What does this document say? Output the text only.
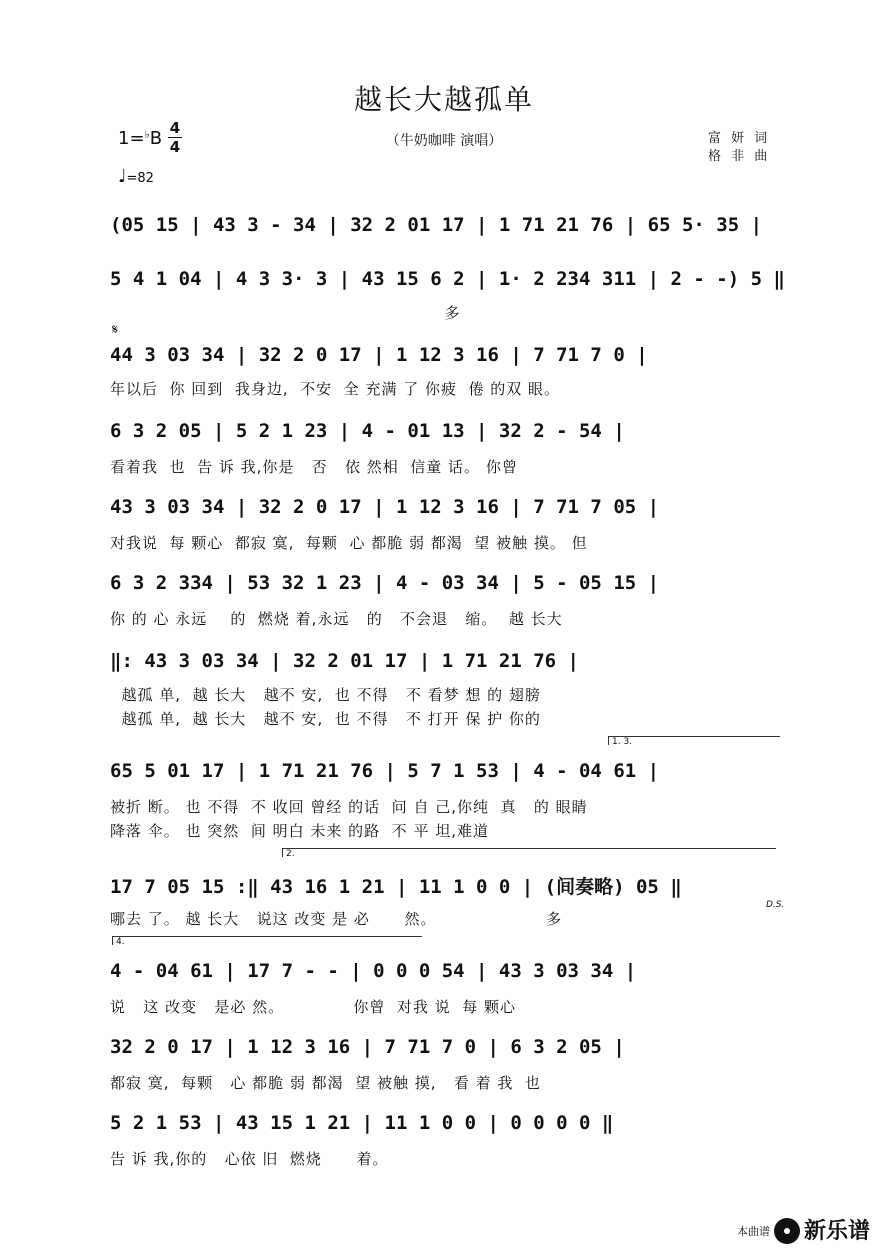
越长大越孤单
（牛奶咖啡 演唱）
1=♭B 4
4
♩=82
富 妍 词
格 非 曲
(05 15 | 43 3 - 34 | 32 2 01 17 | 1 71 21 76 | 65 5· 35 |
5 4 1 04 | 4 3 3· 3 | 43 15 6 2 | 1· 2 234 311 | 2 - -) 5 ‖
多
𝄋
44 3 03 34 | 32 2 0 17 | 1 12 3 16 | 7 71 7 0 |
年以后  你 回到  我身边,  不安  全 充满 了 你疲  倦 的双 眼。
6 3 2 05 | 5 2 1 23 | 4 - 01 13 | 32 2 - 54 |
看着我  也  告 诉 我,你是   否   依 然相  信童 话。 你曾
43 3 03 34 | 32 2 0 17 | 1 12 3 16 | 7 71 7 05 |
对我说  每 颗心  都寂 寞,  每颗  心 都脆 弱 都渴  望 被触 摸。 但
6 3 2 334 | 53 32 1 23 | 4 - 03 34 | 5 - 05 15 |
你 的 心 永远    的  燃烧 着,永远   的   不会退   缩。  越 长大
‖: 43 3 03 34 | 32 2 01 17 | 1 71 21 76 |
越孤 单,  越 长大   越不 安,  也 不得   不 看梦 想 的 翅膀
越孤 单,  越 长大   越不 安,  也 不得   不 打开 保 护 你的
1. 3.
65 5 01 17 | 1 71 21 76 | 5 7 1 53 | 4 - 04 61 |
被折 断。 也 不得  不 收回 曾经 的话  问 自 己,你纯  真   的 眼睛
降落 伞。 也 突然  间 明白 未来 的路  不 平 坦,难道
2.
17 7 05 15 :‖ 43 16 1 21 | 11 1 0 0 | (间奏略) 05 ‖
哪去 了。 越 长大   说这 改变 是 必      然。                   多
D.S.
4.
4 - 04 61 | 17 7 - - | 0 0 0 54 | 43 3 03 34 |
说   这 改变   是必 然。            你曾  对我 说  每 颗心
32 2 0 17 | 1 12 3 16 | 7 71 7 0 | 6 3 2 05 |
都寂 寞,  每颗   心 都脆 弱 都渴  望 被触 摸,   看 着 我  也
5 2 1 53 | 43 15 1 21 | 11 1 0 0 | 0 0 0 0 ‖
告 诉 我,你的   心依 旧  燃烧      着。
本曲谱 新乐谱
